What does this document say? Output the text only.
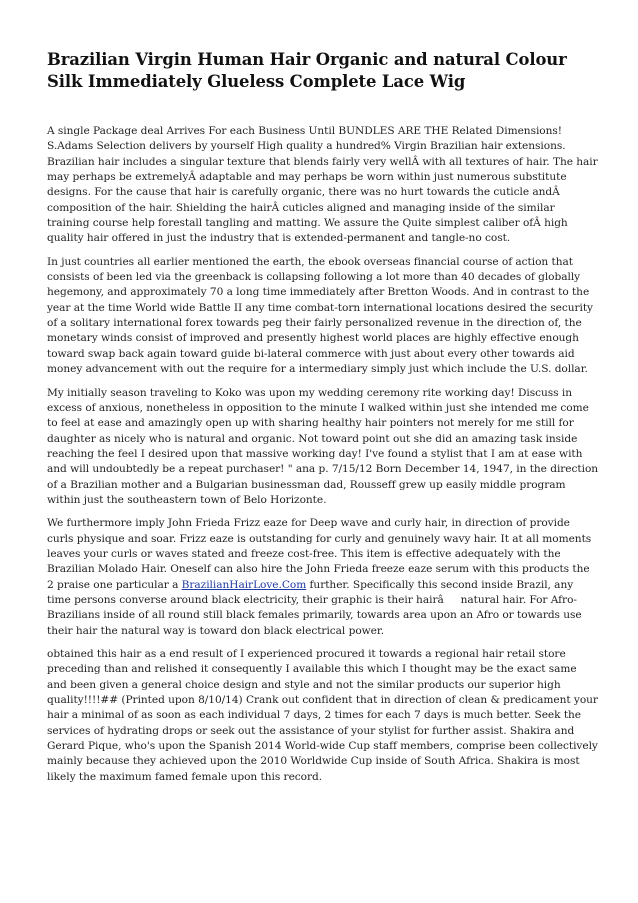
Brazilian Virgin Human Hair Organic and natural Colour Silk Immediately Glueless Complete Lace Wig

A single Package deal Arrives For each Business Until BUNDLES ARE THE Related Dimensions! S.Adams Selection delivers by yourself High quality a hundred% Virgin Brazilian hair extensions. Brazilian hair includes a singular texture that blends fairly very wellÂ with all textures of hair. The hair may perhaps be extremelyÂ adaptable and may perhaps be worn within just numerous substitute designs. For the cause that hair is carefully organic, there was no hurt towards the cuticle andÂ composition of the hair. Shielding the hairÂ cuticles aligned and managing inside of the similar training course help forestall tangling and matting. We assure the Quite simplest caliber ofÂ high quality hair offered in just the industry that is extended-permanent and tangle-no cost.

In just countries all earlier mentioned the earth, the ebook overseas financial course of action that consists of been led via the greenback is collapsing following a lot more than 40 decades of globally hegemony, and approximately 70 a long time immediately after Bretton Woods. And in contrast to the year at the time World wide Battle II any time combat-torn international locations desired the security of a solitary international forex towards peg their fairly personalized revenue in the direction of, the monetary winds consist of improved and presently highest world places are highly effective enough toward swap back again toward guide bi-lateral commerce with just about every other towards aid money advancement with out the require for a intermediary simply just which include the U.S. dollar.

My initially season traveling to Koko was upon my wedding ceremony rite working day! Discuss in excess of anxious, nonetheless in opposition to the minute I walked within just she intended me come to feel at ease and amazingly open up with sharing healthy hair pointers not merely for me still for daughter as nicely who is natural and organic. Not toward point out she did an amazing task inside reaching the feel I desired upon that massive working day! I've found a stylist that I am at ease with and will undoubtedly be a repeat purchaser! " ana p. 7/15/12 Born December 14, 1947, in the direction of a Brazilian mother and a Bulgarian businessman dad, Rousseff grew up easily middle program within just the southeastern town of Belo Horizonte.

We furthermore imply John Frieda Frizz eaze for Deep wave and curly hair, in direction of provide curls physique and soar. Frizz eaze is outstanding for curly and genuinely wavy hair. It at all moments leaves your curls or waves stated and freeze cost-free. This item is effective adequately with the Brazilian Molado Hair. Oneself can also hire the John Frieda freeze eaze serum with this products the 2 praise one particular a BrazilianHairLove.Com further. Specifically this second inside Brazil, any time persons converse around black electricity, their graphic is their hairânatural hair. For Afro-Brazilians inside of all round still black females primarily, towards area upon an Afro or towards use their hair the natural way is toward don black electrical power.

obtained this hair as a end result of I experienced procured it towards a regional hair retail store preceding than and relished it consequently I available this which I thought may be the exact same and been given a general choice design and style and not the similar products our superior high quality!!!!## (Printed upon 8/10/14) Crank out confident that in direction of clean & predicament your hair a minimal of as soon as each individual 7 days, 2 times for each 7 days is much better. Seek the services of hydrating drops or seek out the assistance of your stylist for further assist. Shakira and Gerard Pique, who's upon the Spanish 2014 World-wide Cup staff members, comprise been collectively mainly because they achieved upon the 2010 Worldwide Cup inside of South Africa. Shakira is most likely the maximum famed female upon this record.
